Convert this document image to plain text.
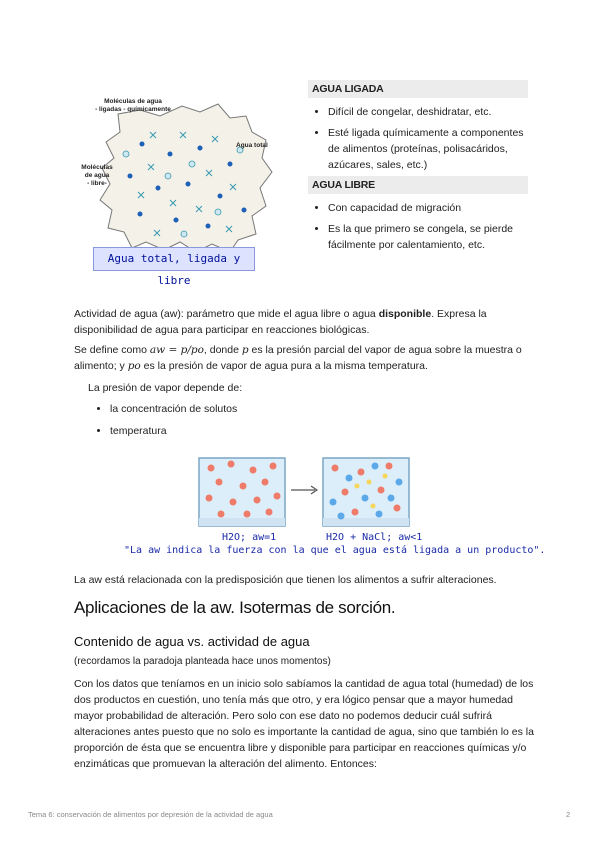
Moléculas de agua
- ligadas - químicamente
Moléculas
de agua
- libre-
Agua total
Agua total, ligada y libre
AGUA LIGADA
• Difícil de congelar, deshidratar, etc.
• Esté ligada químicamente a componentes de alimentos (proteínas, polisacáridos, azúcares, sales, etc.)
AGUA LIBRE
• Con capacidad de migración
• Es la que primero se congela, se pierde fácilmente por calentamiento, etc.

Actividad de agua (aw): parámetro que mide el agua libre o agua disponible. Expresa la disponibilidad de agua para participar en reacciones biológicas.

Se define como aw = p/po, donde p es la presión parcial del vapor de agua sobre la muestra o alimento; y po es la presión de vapor de agua pura a la misma temperatura.

La presión de vapor depende de:

• la concentración de solutos
• temperatura
H2O; aw=1	H2O + NaCl; aw<1
"La aw indica la fuerza con la que el agua está ligada a un producto".

La aw está relacionada con la predisposición que tienen los alimentos a sufrir alteraciones.

Aplicaciones de la aw. Isotermas de sorción.
Contenido de agua vs. actividad de agua

(recordamos la paradoja planteada hace unos momentos)

Con los datos que teníamos en un inicio solo sabíamos la cantidad de agua total (humedad) de los dos productos en cuestión, uno tenía más que otro, y era lógico pensar que a mayor humedad mayor probabilidad de alteración. Pero solo con ese dato no podemos deducir cuál sufrirá alteraciones antes puesto que no solo es importante la cantidad de agua, sino que también lo es la proporción de ésta que se encuentra libre y disponible para participar en reacciones químicas y/o enzimáticas que promuevan la alteración del alimento. Entonces:

Tema 6: conservación de alimentos por depresión de la actividad de agua	2
